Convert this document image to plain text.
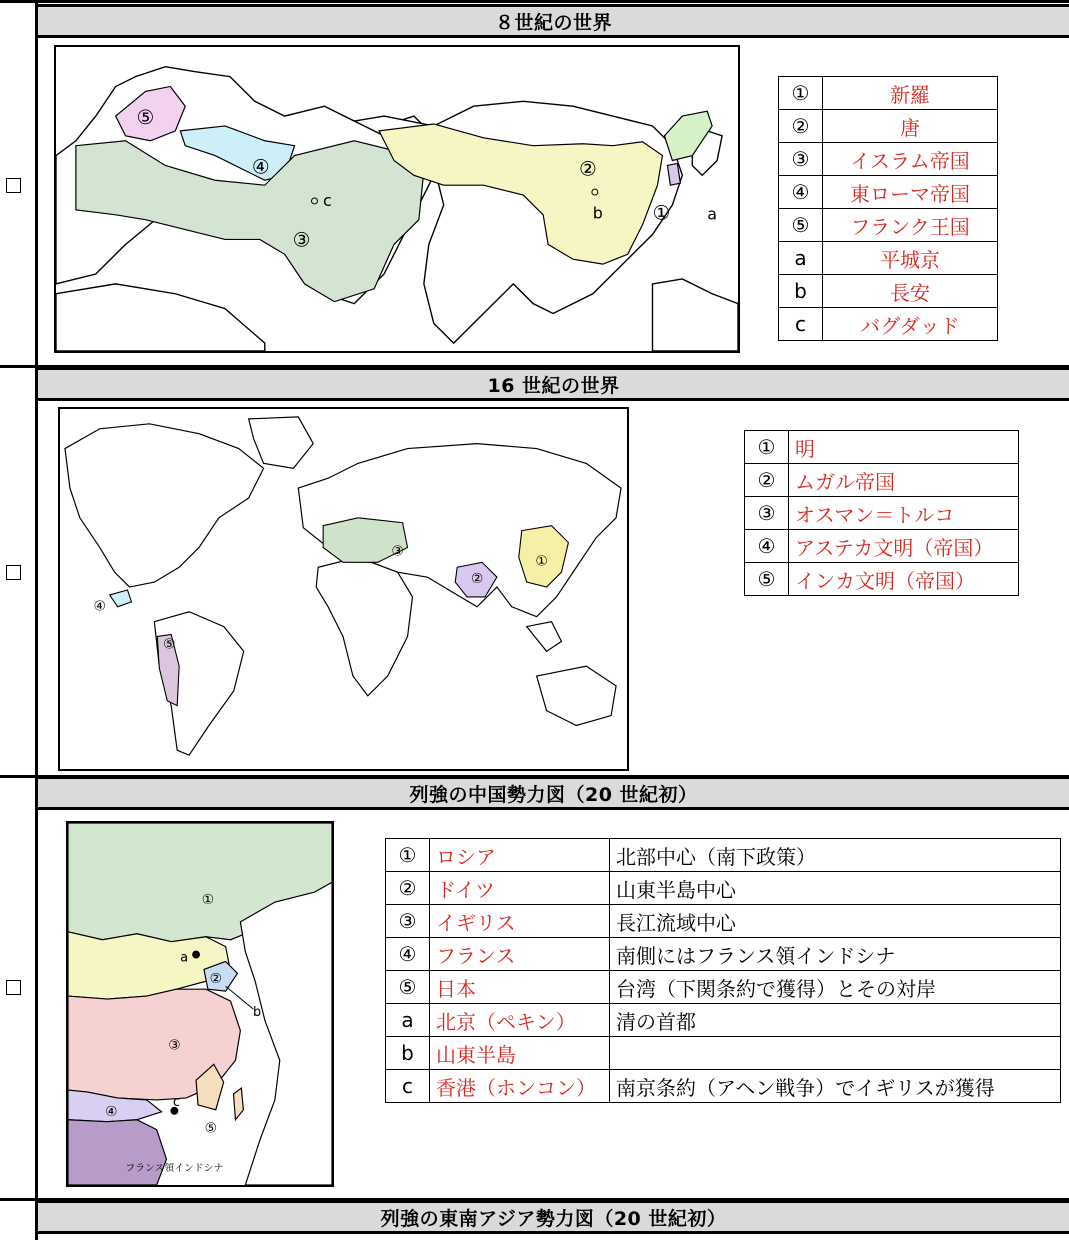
８世紀の世界
⑤
④
③
②
①
b	a
c
①	新羅
②	唐
③	イスラム帝国
④	東ローマ帝国
⑤	フランク王国
a	平城京
b	長安
c	バグダッド
16 世紀の世界
①
②
③
④
⑤
①	明
②	ムガル帝国
③	オスマン＝トルコ
④	アステカ文明（帝国）
⑤	インカ文明（帝国）
列強の中国勢力図（20 世紀初）
①
②
③
④
⑤
a
b
c
フランス領インドシナ
①	ロシア	北部中心（南下政策）
②	ドイツ	山東半島中心
③	イギリス	長江流域中心
④	フランス	南側にはフランス領インドシナ
⑤	日本	台湾（下関条約で獲得）とその対岸
a	北京（ペキン）	清の首都
b	山東半島	
c	香港（ホンコン）	南京条約（アヘン戦争）でイギリスが獲得
列強の東南アジア勢力図（20 世紀初）
